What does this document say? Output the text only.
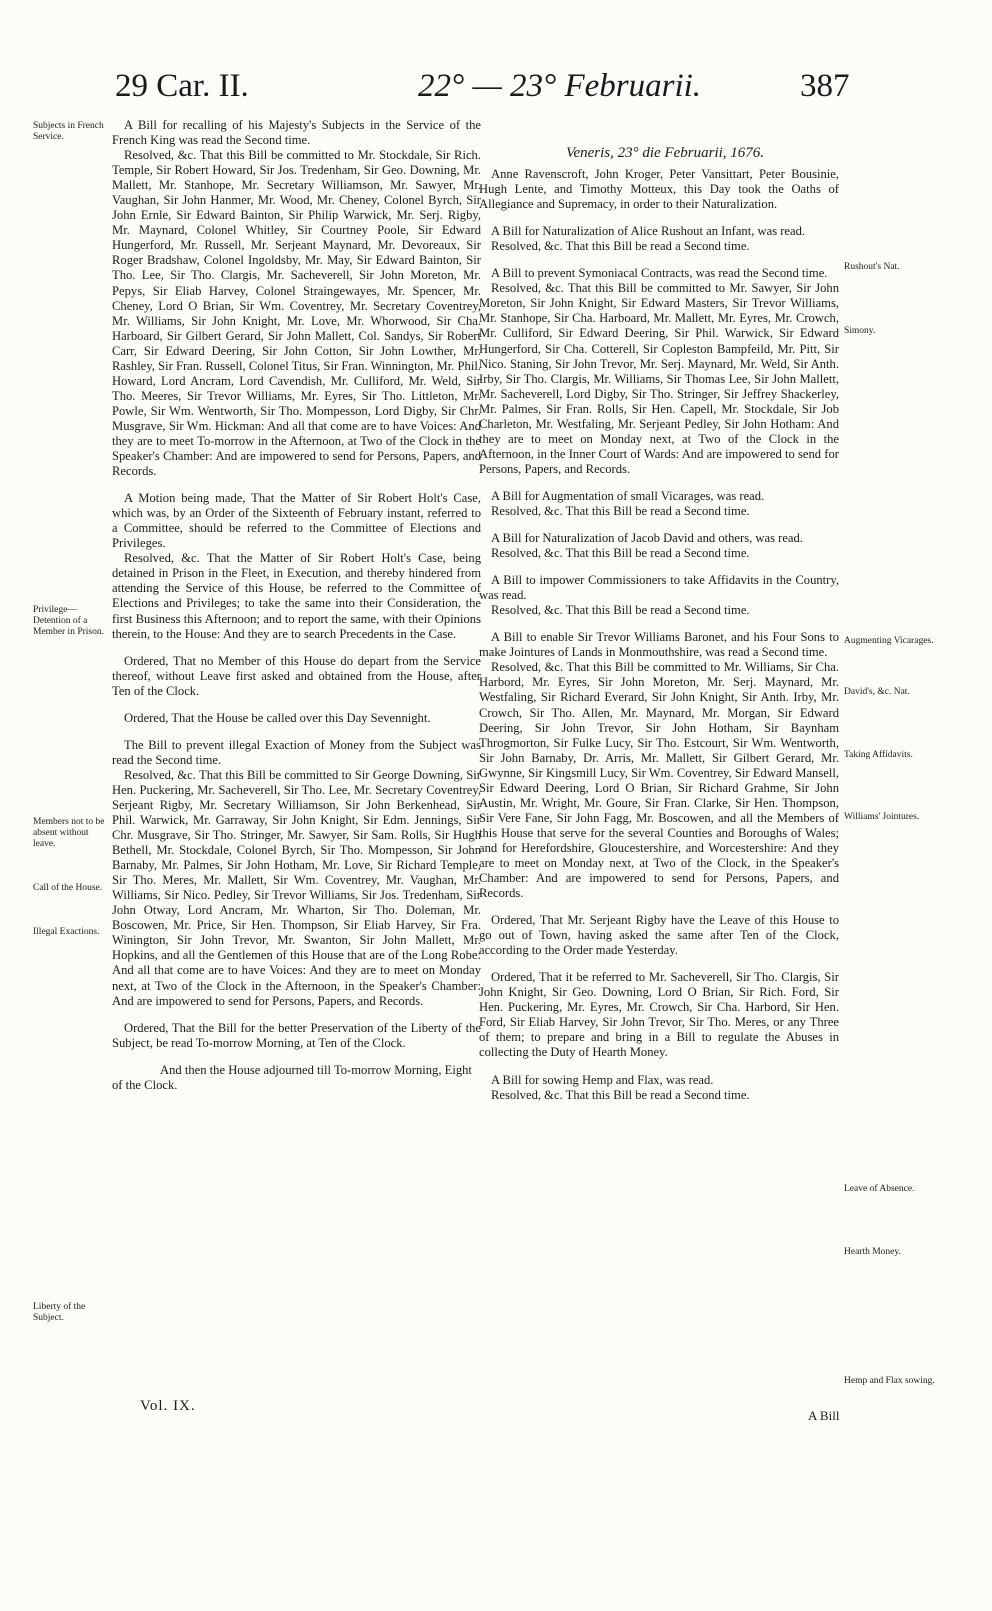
29 Car. II.	22° — 23° Februarii.	387
Subjects in French Service.
Privilege— Detention of a Member in Prison.
Members not to be absent without leave.
Call of the House.
Illegal Exactions.
Liberty of the Subject.
Rushout's Nat.
Simony.
Augmenting Vicarages.
David's, &c. Nat.
Taking Affidavits.
Williams' Jointures.
Leave of Absence.
Hearth Money.
Hemp and Flax sowing.

A Bill for recalling of his Majesty's Subjects in the Service of the French King was read the Second time.

Resolved, &c. That this Bill be committed to Mr. Stockdale, Sir Rich. Temple, Sir Robert Howard, Sir Jos. Tredenham, Sir Geo. Downing, Mr. Mallett, Mr. Stanhope, Mr. Secretary Williamson, Mr. Sawyer, Mr. Vaughan, Sir John Hanmer, Mr. Wood, Mr. Cheney, Colonel Byrch, Sir John Ernle, Sir Edward Bainton, Sir Philip Warwick, Mr. Serj. Rigby, Mr. Maynard, Colonel Whitley, Sir Courtney Poole, Sir Edward Hungerford, Mr. Russell, Mr. Serjeant Maynard, Mr. Devoreaux, Sir Roger Bradshaw, Colonel Ingoldsby, Mr. May, Sir Edward Bainton, Sir Tho. Lee, Sir Tho. Clargis, Mr. Sacheverell, Sir John Moreton, Mr. Pepys, Sir Eliab Harvey, Colonel Straingewayes, Mr. Spencer, Mr. Cheney, Lord O Brian, Sir Wm. Coventrey, Mr. Secretary Coventrey, Mr. Williams, Sir John Knight, Mr. Love, Mr. Whorwood, Sir Cha. Harboard, Sir Gilbert Gerard, Sir John Mallett, Col. Sandys, Sir Robert Carr, Sir Edward Deering, Sir John Cotton, Sir John Lowther, Mr. Rashley, Sir Fran. Russell, Colonel Titus, Sir Fran. Winnington, Mr. Phil. Howard, Lord Ancram, Lord Cavendish, Mr. Culliford, Mr. Weld, Sir Tho. Meeres, Sir Trevor Williams, Mr. Eyres, Sir Tho. Littleton, Mr. Powle, Sir Wm. Wentworth, Sir Tho. Mompesson, Lord Digby, Sir Chr. Musgrave, Sir Wm. Hickman: And all that come are to have Voices: And they are to meet To-morrow in the Afternoon, at Two of the Clock in the Speaker's Chamber: And are impowered to send for Persons, Papers, and Records.

A Motion being made, That the Matter of Sir Robert Holt's Case, which was, by an Order of the Sixteenth of February instant, referred to a Committee, should be referred to the Committee of Elections and Privileges.

Resolved, &c. That the Matter of Sir Robert Holt's Case, being detained in Prison in the Fleet, in Execution, and thereby hindered from attending the Service of this House, be referred to the Committee of Elections and Privileges; to take the same into their Consideration, the first Business this Afternoon; and to report the same, with their Opinions therein, to the House: And they are to search Precedents in the Case.

Ordered, That no Member of this House do depart from the Service thereof, without Leave first asked and obtained from the House, after Ten of the Clock.

Ordered, That the House be called over this Day Sevennight.

The Bill to prevent illegal Exaction of Money from the Subject was read the Second time.

Resolved, &c. That this Bill be committed to Sir George Downing, Sir Hen. Puckering, Mr. Sacheverell, Sir Tho. Lee, Mr. Secretary Coventrey, Serjeant Rigby, Mr. Secretary Williamson, Sir John Berkenhead, Sir Phil. Warwick, Mr. Garraway, Sir John Knight, Sir Edm. Jennings, Sir Chr. Musgrave, Sir Tho. Stringer, Mr. Sawyer, Sir Sam. Rolls, Sir Hugh Bethell, Mr. Stockdale, Colonel Byrch, Sir Tho. Mompesson, Sir John Barnaby, Mr. Palmes, Sir John Hotham, Mr. Love, Sir Richard Temple, Sir Tho. Meres, Mr. Mallett, Sir Wm. Coventrey, Mr. Vaughan, Mr. Williams, Sir Nico. Pedley, Sir Trevor Williams, Sir Jos. Tredenham, Sir John Otway, Lord Ancram, Mr. Wharton, Sir Tho. Doleman, Mr. Boscowen, Mr. Price, Sir Hen. Thompson, Sir Eliab Harvey, Sir Fra. Winington, Sir John Trevor, Mr. Swanton, Sir John Mallett, Mr. Hopkins, and all the Gentlemen of this House that are of the Long Robe: And all that come are to have Voices: And they are to meet on Monday next, at Two of the Clock in the Afternoon, in the Speaker's Chamber: And are impowered to send for Persons, Papers, and Records.

Ordered, That the Bill for the better Preservation of the Liberty of the Subject, be read To-morrow Morning, at Ten of the Clock.

And then the House adjourned till To-morrow Morning, Eight of the Clock.

Veneris, 23° die Februarii, 1676.

Anne Ravenscroft, John Kroger, Peter Vansittart, Peter Bousinie, Hugh Lente, and Timothy Motteux, this Day took the Oaths of Allegiance and Supremacy, in order to their Naturalization.

A Bill for Naturalization of Alice Rushout an Infant, was read.

Resolved, &c. That this Bill be read a Second time.

A Bill to prevent Symoniacal Contracts, was read the Second time.

Resolved, &c. That this Bill be committed to Mr. Sawyer, Sir John Moreton, Sir John Knight, Sir Edward Masters, Sir Trevor Williams, Mr. Stanhope, Sir Cha. Harboard, Mr. Mallett, Mr. Eyres, Mr. Crowch, Mr. Culliford, Sir Edward Deering, Sir Phil. Warwick, Sir Edward Hungerford, Sir Cha. Cotterell, Sir Copleston Bampfeild, Mr. Pitt, Sir Nico. Staning, Sir John Trevor, Mr. Serj. Maynard, Mr. Weld, Sir Anth. Irby, Sir Tho. Clargis, Mr. Williams, Sir Thomas Lee, Sir John Mallett, Mr. Sacheverell, Lord Digby, Sir Tho. Stringer, Sir Jeffrey Shackerley, Mr. Palmes, Sir Fran. Rolls, Sir Hen. Capell, Mr. Stockdale, Sir Job Charleton, Mr. Westfaling, Mr. Serjeant Pedley, Sir John Hotham: And they are to meet on Monday next, at Two of the Clock in the Afternoon, in the Inner Court of Wards: And are impowered to send for Persons, Papers, and Records.

A Bill for Augmentation of small Vicarages, was read.

Resolved, &c. That this Bill be read a Second time.

A Bill for Naturalization of Jacob David and others, was read.

Resolved, &c. That this Bill be read a Second time.

A Bill to impower Commissioners to take Affidavits in the Country, was read.

Resolved, &c. That this Bill be read a Second time.

A Bill to enable Sir Trevor Williams Baronet, and his Four Sons to make Jointures of Lands in Monmouthshire, was read a Second time.

Resolved, &c. That this Bill be committed to Mr. Williams, Sir Cha. Harbord, Mr. Eyres, Sir John Moreton, Mr. Serj. Maynard, Mr. Westfaling, Sir Richard Everard, Sir John Knight, Sir Anth. Irby, Mr. Crowch, Sir Tho. Allen, Mr. Maynard, Mr. Morgan, Sir Edward Deering, Sir John Trevor, Sir John Hotham, Sir Baynham Throgmorton, Sir Fulke Lucy, Sir Tho. Estcourt, Sir Wm. Wentworth, Sir John Barnaby, Dr. Arris, Mr. Mallett, Sir Gilbert Gerard, Mr. Gwynne, Sir Kingsmill Lucy, Sir Wm. Coventrey, Sir Edward Mansell, Sir Edward Deering, Lord O Brian, Sir Richard Grahme, Sir John Austin, Mr. Wright, Mr. Goure, Sir Fran. Clarke, Sir Hen. Thompson, Sir Vere Fane, Sir John Fagg, Mr. Boscowen, and all the Members of this House that serve for the several Counties and Boroughs of Wales; and for Herefordshire, Gloucestershire, and Worcestershire: And they are to meet on Monday next, at Two of the Clock, in the Speaker's Chamber: And are impowered to send for Persons, Papers, and Records.

Ordered, That Mr. Serjeant Rigby have the Leave of this House to go out of Town, having asked the same after Ten of the Clock, according to the Order made Yesterday.

Ordered, That it be referred to Mr. Sacheverell, Sir Tho. Clargis, Sir John Knight, Sir Geo. Downing, Lord O Brian, Sir Rich. Ford, Sir Hen. Puckering, Mr. Eyres, Mr. Crowch, Sir Cha. Harbord, Sir Hen. Ford, Sir Eliab Harvey, Sir John Trevor, Sir Tho. Meres, or any Three of them; to prepare and bring in a Bill to regulate the Abuses in collecting the Duty of Hearth Money.

A Bill for sowing Hemp and Flax, was read.

Resolved, &c. That this Bill be read a Second time.

Vol. IX.
A Bill
